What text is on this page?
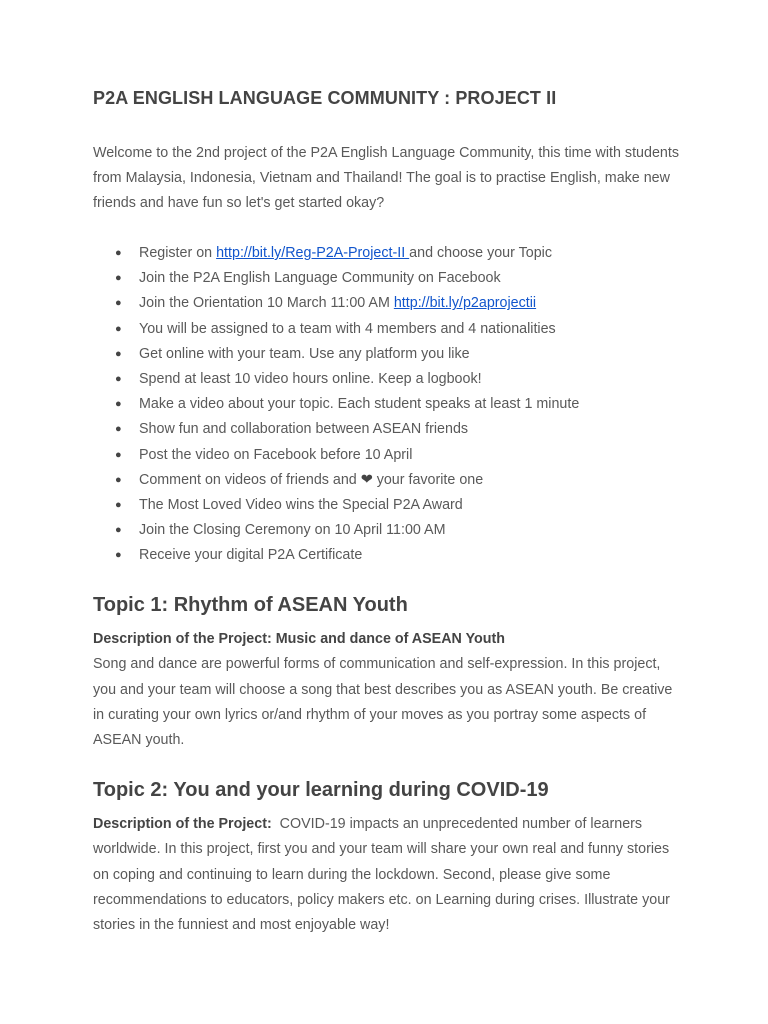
P2A ENGLISH LANGUAGE COMMUNITY : PROJECT II

Welcome to the 2nd project of the P2A English Language Community, this time with students from Malaysia, Indonesia, Vietnam and Thailand! The goal is to practise English, make new friends and have fun so let's get started okay?

● Register on http://bit.ly/Reg-P2A-Project-II and choose your Topic
● Join the P2A English Language Community on Facebook
● Join the Orientation 10 March 11:00 AM http://bit.ly/p2aprojectii
● You will be assigned to a team with 4 members and 4 nationalities
● Get online with your team. Use any platform you like
● Spend at least 10 video hours online. Keep a logbook!
● Make a video about your topic. Each student speaks at least 1 minute
● Show fun and collaboration between ASEAN friends
● Post the video on Facebook before 10 April
● Comment on videos of friends and ❤ your favorite one
● The Most Loved Video wins the Special P2A Award
● Join the Closing Ceremony on 10 April 11:00 AM
● Receive your digital P2A Certificate
Topic 1: Rhythm of ASEAN Youth

Description of the Project: Music and dance of ASEAN Youth
Song and dance are powerful forms of communication and self-expression. In this project, you and your team will choose a song that best describes you as ASEAN youth. Be creative in curating your own lyrics or/and rhythm of your moves as you portray some aspects of ASEAN youth.

Topic 2: You and your learning during COVID-19

Description of the Project:  COVID-19 impacts an unprecedented number of learners worldwide. In this project, first you and your team will share your own real and funny stories on coping and continuing to learn during the lockdown. Second, please give some recommendations to educators, policy makers etc. on Learning during crises. Illustrate your stories in the funniest and most enjoyable way!
